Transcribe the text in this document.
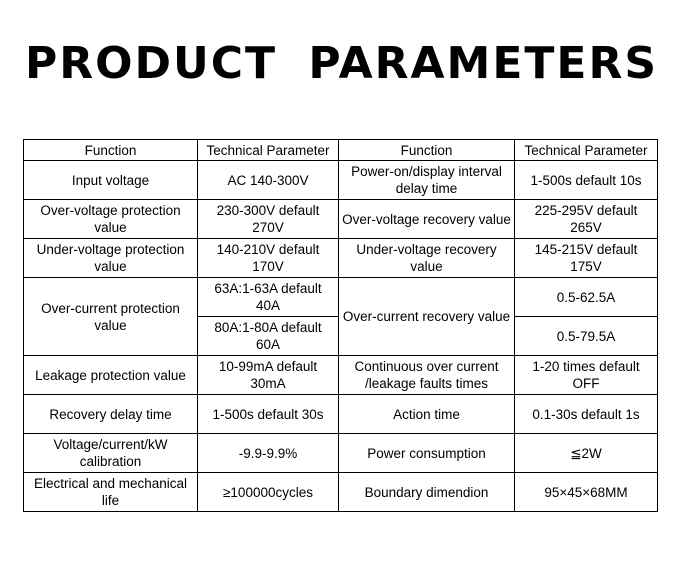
PRODUCT PARAMETERS
Function	Technical Parameter	Function	Technical Parameter
Input voltage	AC 140-300V	Power-on/display interval delay time	1-500s default 10s
Over-voltage protection value	230-300V default 270V	Over-voltage recovery value	225-295V default 265V
Under-voltage protection value	140-210V default 170V	Under-voltage recovery value	145-215V default 175V
Over-current protection value	63A:1-63A default 40A	Over-current recovery value	0.5-62.5A
	80A:1-80A default 60A		0.5-79.5A
Leakage protection value	10-99mA default 30mA	Continuous over current /leakage faults times	1-20 times default OFF
Recovery delay time	1-500s default 30s	Action time	0.1-30s default 1s
Voltage/current/kW calibration	-9.9-9.9%	Power consumption	≦2W
Electrical and mechanical life	≥100000cycles	Boundary dimendion	95×45×68MM
